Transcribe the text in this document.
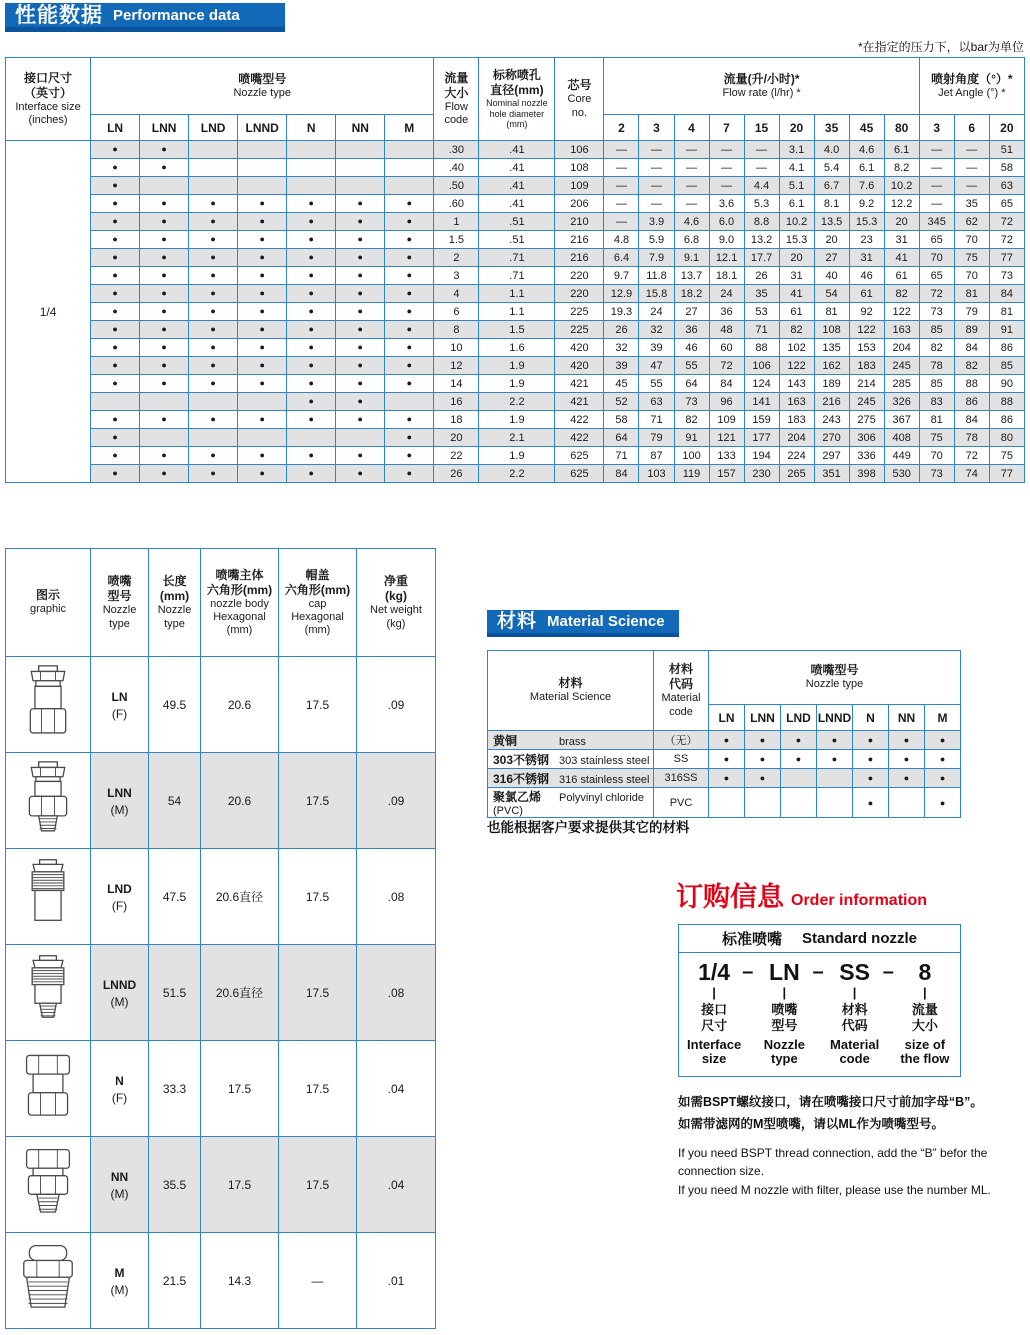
性能数据 Performance data
*在指定的压力下，以bar为单位
接口尺寸
（英寸）
Interface size
(inches)	喷嘴型号
Nozzle type							流量
大小
Flow
code	标称喷孔
直径(mm)
Nominal nozzle
hole diameter (mm)	芯号
Core
no.	流量(升/小时)*
Flow rate (l/hr) *									喷射角度（°）*
Jet Angle (°) *		

	LN	LNN	LND	LNND	N	NN	M				2	3	4	7	15	20	35	45	80	3	6	20
1/4	●	●						.30	.41	106	—	—	—	—	—	3.1	4.0	4.6	6.1	—	—	51
	●	●						.40	.41	108	—	—	—	—	—	4.1	5.4	6.1	8.2	—	—	58
	●							.50	.41	109	—	—	—	—	4.4	5.1	6.7	7.6	10.2	—	—	63
	●	●	●	●	●	●	●	.60	.41	206	—	—	—	3.6	5.3	6.1	8.1	9.2	12.2	—	35	65
	●	●	●	●	●	●	●	1	.51	210	—	3.9	4.6	6.0	8.8	10.2	13.5	15.3	20	345	62	72
	●	●	●	●	●	●	●	1.5	.51	216	4.8	5.9	6.8	9.0	13.2	15.3	20	23	31	65	70	72
	●	●	●	●	●	●	●	2	.71	216	6.4	7.9	9.1	12.1	17.7	20	27	31	41	70	75	77
	●	●	●	●	●	●	●	3	.71	220	9.7	11.8	13.7	18.1	26	31	40	46	61	65	70	73
	●	●	●	●	●	●	●	4	1.1	220	12.9	15.8	18.2	24	35	41	54	61	82	72	81	84
	●	●	●	●	●	●	●	6	1.1	225	19.3	24	27	36	53	61	81	92	122	73	79	81
	●	●	●	●	●	●	●	8	1.5	225	26	32	36	48	71	82	108	122	163	85	89	91
	●	●	●	●	●	●	●	10	1.6	420	32	39	46	60	88	102	135	153	204	82	84	86
	●	●	●	●	●	●	●	12	1.9	420	39	47	55	72	106	122	162	183	245	78	82	85
	●	●	●	●	●	●	●	14	1.9	421	45	55	64	84	124	143	189	214	285	85	88	90
					●	●		16	2.2	421	52	63	73	96	141	163	216	245	326	83	86	88
	●	●	●	●	●	●	●	18	1.9	422	58	71	82	109	159	183	243	275	367	81	84	86
	●						●	20	2.1	422	64	79	91	121	177	204	270	306	408	75	78	80
	●	●	●	●	●	●	●	22	1.9	625	71	87	100	133	194	224	297	336	449	70	72	75
	●	●	●	●	●	●	●	26	2.2	625	84	103	119	157	230	265	351	398	530	73	74	77
图示
graphic	喷嘴
型号
Nozzle
type	长度
(mm)
Nozzle
type	喷嘴主体
六角形(mm)
nozzle body
Hexagonal
(mm)	帽盖
六角形(mm)
cap
Hexagonal
(mm)	净重
(kg)
Net weight
(kg)

LN
(F)	49.5	20.6	17.5	.09

LNN
(M)	54	20.6	17.5	.09

LND
(F)	47.5	20.6直径	17.5	.08

LNND
(M)	51.5	20.6直径	17.5	.08

N
(F)	33.3	17.5	17.5	.04

NN
(M)	35.5	17.5	17.5	.04

M
(M)	21.5	14.3	—	.01
材料 Material Science
材料
Material Science	材料
代码
Material
code	喷嘴型号
Nozzle type						

		LN	LNN	LND	LNND	N	NN	M
黄铜 brass	（无）	●	●	●	●	●	●	●
303不锈钢 303 stainless steel	SS	●	●	●	●	●	●	●
316不锈钢 316 stainless steel	316SS	●	●			●	●	●
聚氯乙烯 Polyvinyl chloride (PVC)	PVC					●		●
也能根据客户要求提供其它的材料
订购信息 Order information
标准喷嘴 Standard nozzle
1/4	LN	SS	8
–	–	–
|	|	|	|
接口
尺寸
Interface
size
喷嘴
型号
Nozzle
type
材料
代码
Material
code
流量
大小
size of
the flow
如需BSPT螺纹接口，请在喷嘴接口尺寸前加字母“B”。
如需带滤网的M型喷嘴，请以ML作为喷嘴型号。
If you need BSPT thread connection, add the “B” befor the connection size.
If you need M nozzle with filter, please use the number ML.
